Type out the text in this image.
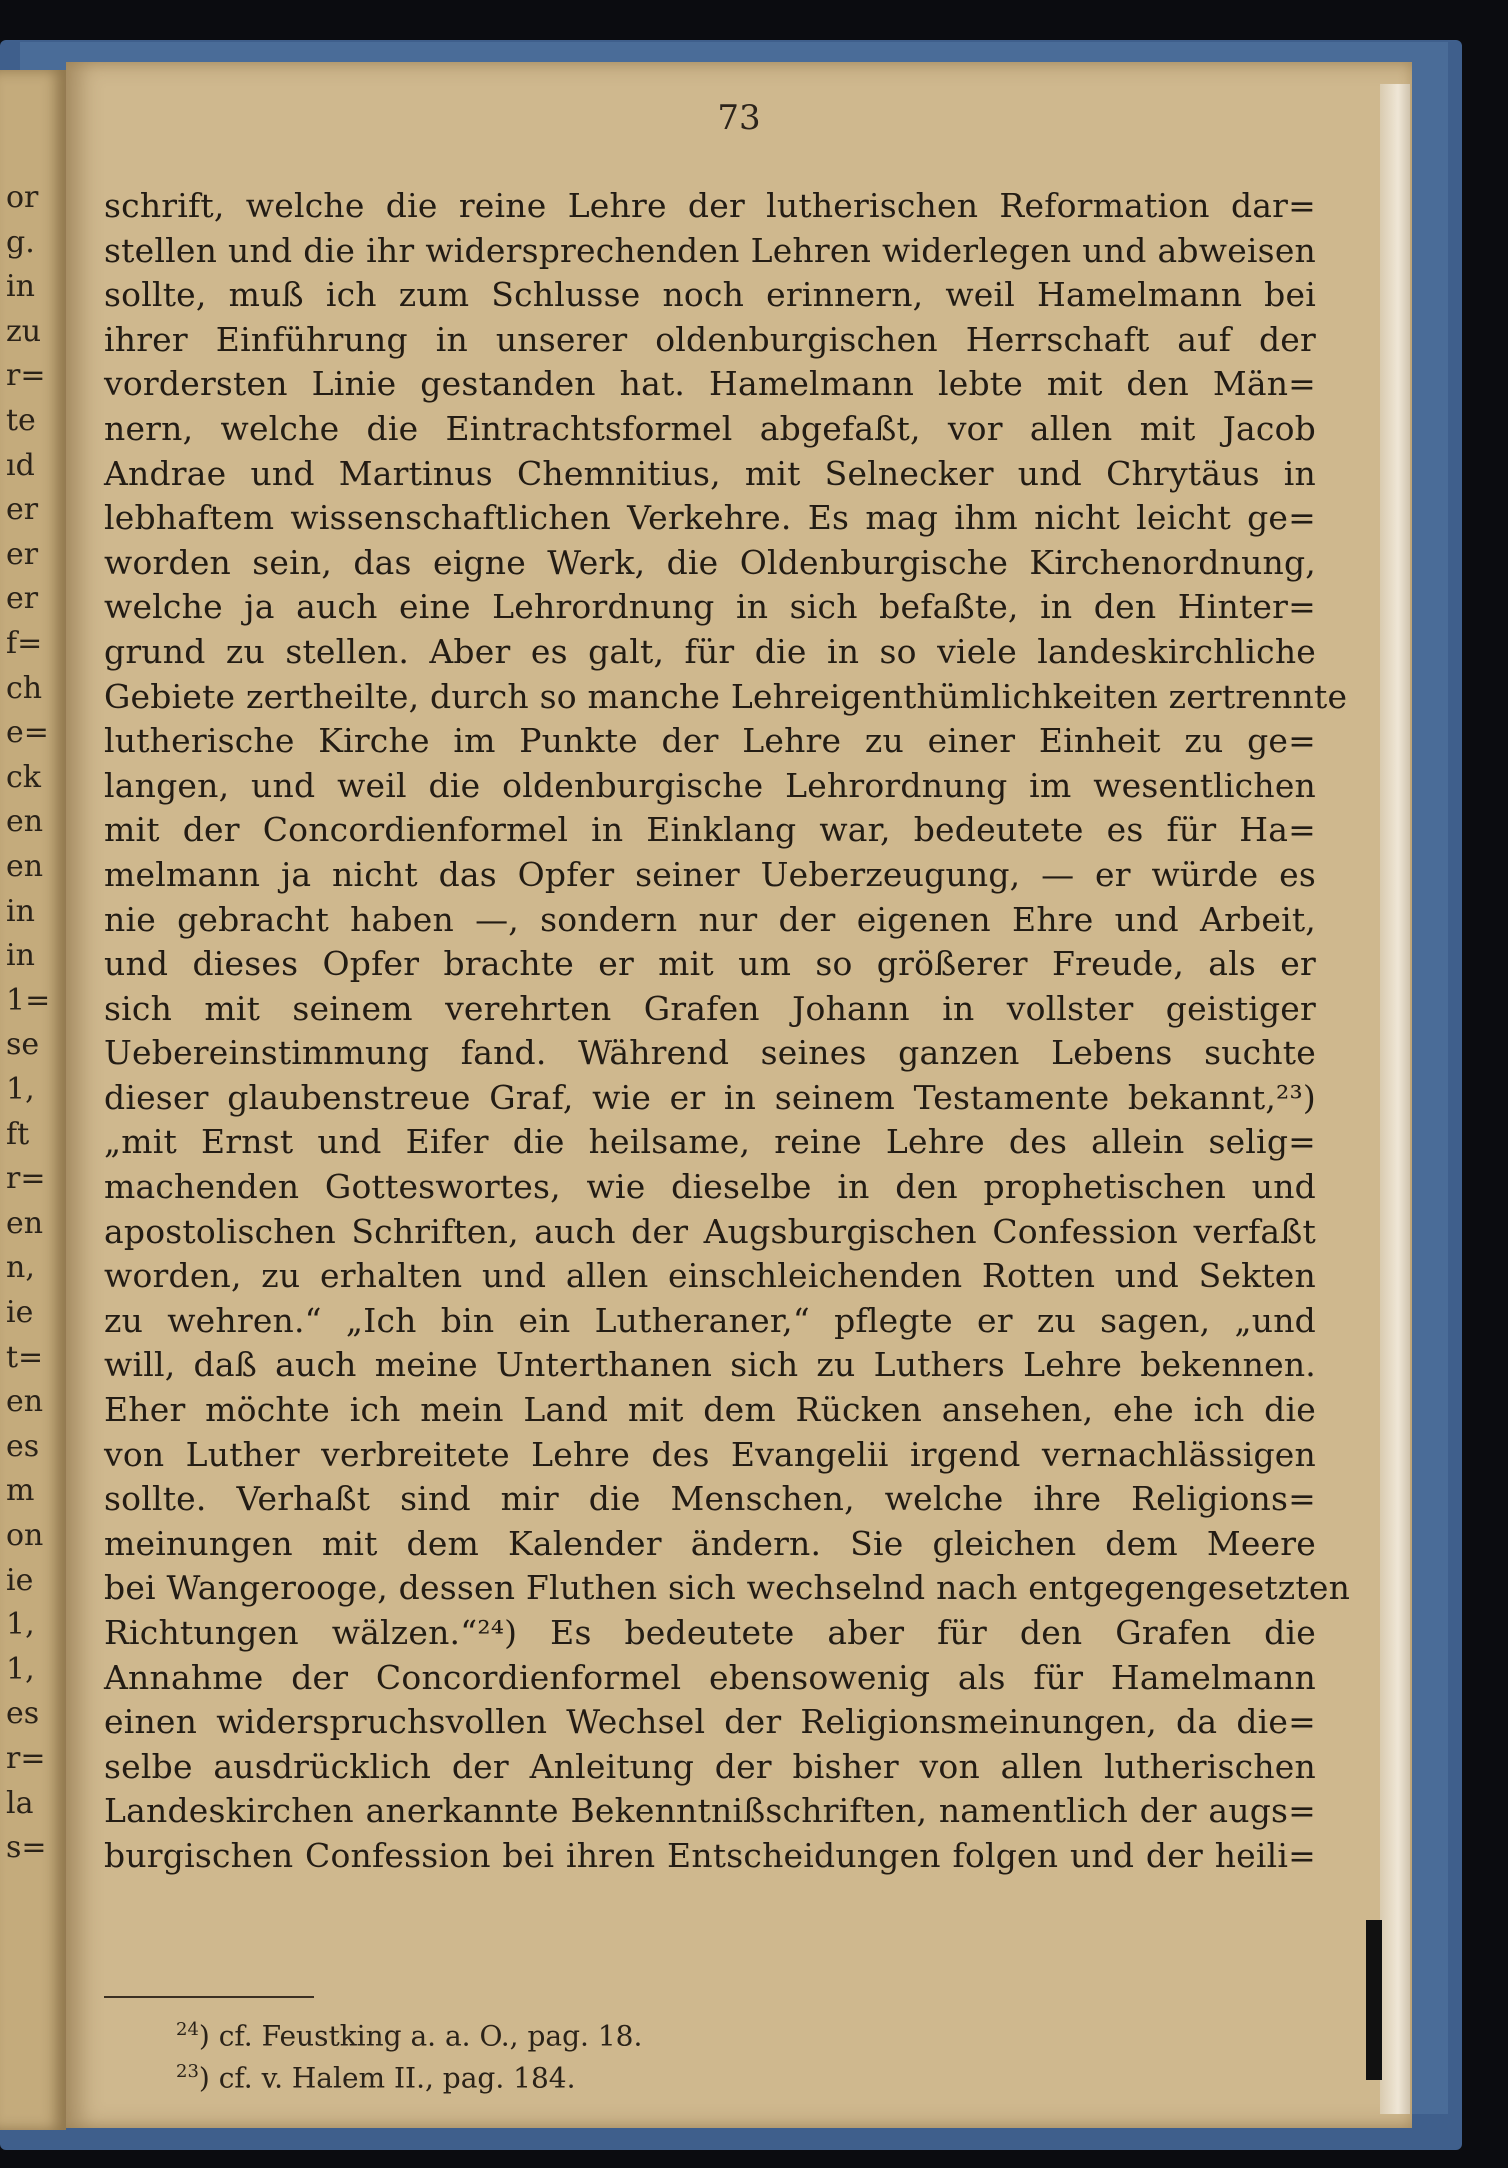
or
g.
in
zu
r=
te
ıd
er
er
er
f=
ch
e=
ck
en
en
in
in
1=
se
1,
ft
r=
en
n,
ie
t=
en
es
m
on
ie
1,
1,
es
r=
la
s=
73
schrift, welche die reine Lehre der lutherischen Reformation dar=
stellen und die ihr widersprechenden Lehren widerlegen und abweisen
sollte, muß ich zum Schlusse noch erinnern, weil Hamelmann bei
ihrer Einführung in unserer oldenburgischen Herrschaft auf der
vordersten Linie gestanden hat. Hamelmann lebte mit den Män=
nern, welche die Eintrachtsformel abgefaßt, vor allen mit Jacob
Andrae und Martinus Chemnitius, mit Selnecker und Chrytäus in
lebhaftem wissenschaftlichen Verkehre. Es mag ihm nicht leicht ge=
worden sein, das eigne Werk, die Oldenburgische Kirchenordnung,
welche ja auch eine Lehrordnung in sich befaßte, in den Hinter=
grund zu stellen. Aber es galt, für die in so viele landeskirchliche
Gebiete zertheilte, durch so manche Lehreigenthümlichkeiten zertrennte
lutherische Kirche im Punkte der Lehre zu einer Einheit zu ge=
langen, und weil die oldenburgische Lehrordnung im wesentlichen
mit der Concordienformel in Einklang war, bedeutete es für Ha=
melmann ja nicht das Opfer seiner Ueberzeugung, — er würde es
nie gebracht haben —, sondern nur der eigenen Ehre und Arbeit,
und dieses Opfer brachte er mit um so größerer Freude, als er
sich mit seinem verehrten Grafen Johann in vollster geistiger
Uebereinstimmung fand. Während seines ganzen Lebens suchte
dieser glaubenstreue Graf, wie er in seinem Testamente bekannt,²³)
„mit Ernst und Eifer die heilsame, reine Lehre des allein selig=
machenden Gotteswortes, wie dieselbe in den prophetischen und
apostolischen Schriften, auch der Augsburgischen Confession verfaßt
worden, zu erhalten und allen einschleichenden Rotten und Sekten
zu wehren.“ „Ich bin ein Lutheraner,“ pflegte er zu sagen, „und
will, daß auch meine Unterthanen sich zu Luthers Lehre bekennen.
Eher möchte ich mein Land mit dem Rücken ansehen, ehe ich die
von Luther verbreitete Lehre des Evangelii irgend vernachlässigen
sollte. Verhaßt sind mir die Menschen, welche ihre Religions=
meinungen mit dem Kalender ändern. Sie gleichen dem Meere
bei Wangerooge, dessen Fluthen sich wechselnd nach entgegengesetzten
Richtungen wälzen.“²⁴) Es bedeutete aber für den Grafen die
Annahme der Concordienformel ebensowenig als für Hamelmann
einen widerspruchsvollen Wechsel der Religionsmeinungen, da die=
selbe ausdrücklich der Anleitung der bisher von allen lutherischen
Landeskirchen anerkannte Bekenntnißschriften, namentlich der augs=
burgischen Confession bei ihren Entscheidungen folgen und der heili=
$^{24}$) cf. Feustking a. a. O., pag. 18.
$^{23}$) cf. v. Halem II., pag. 184.
